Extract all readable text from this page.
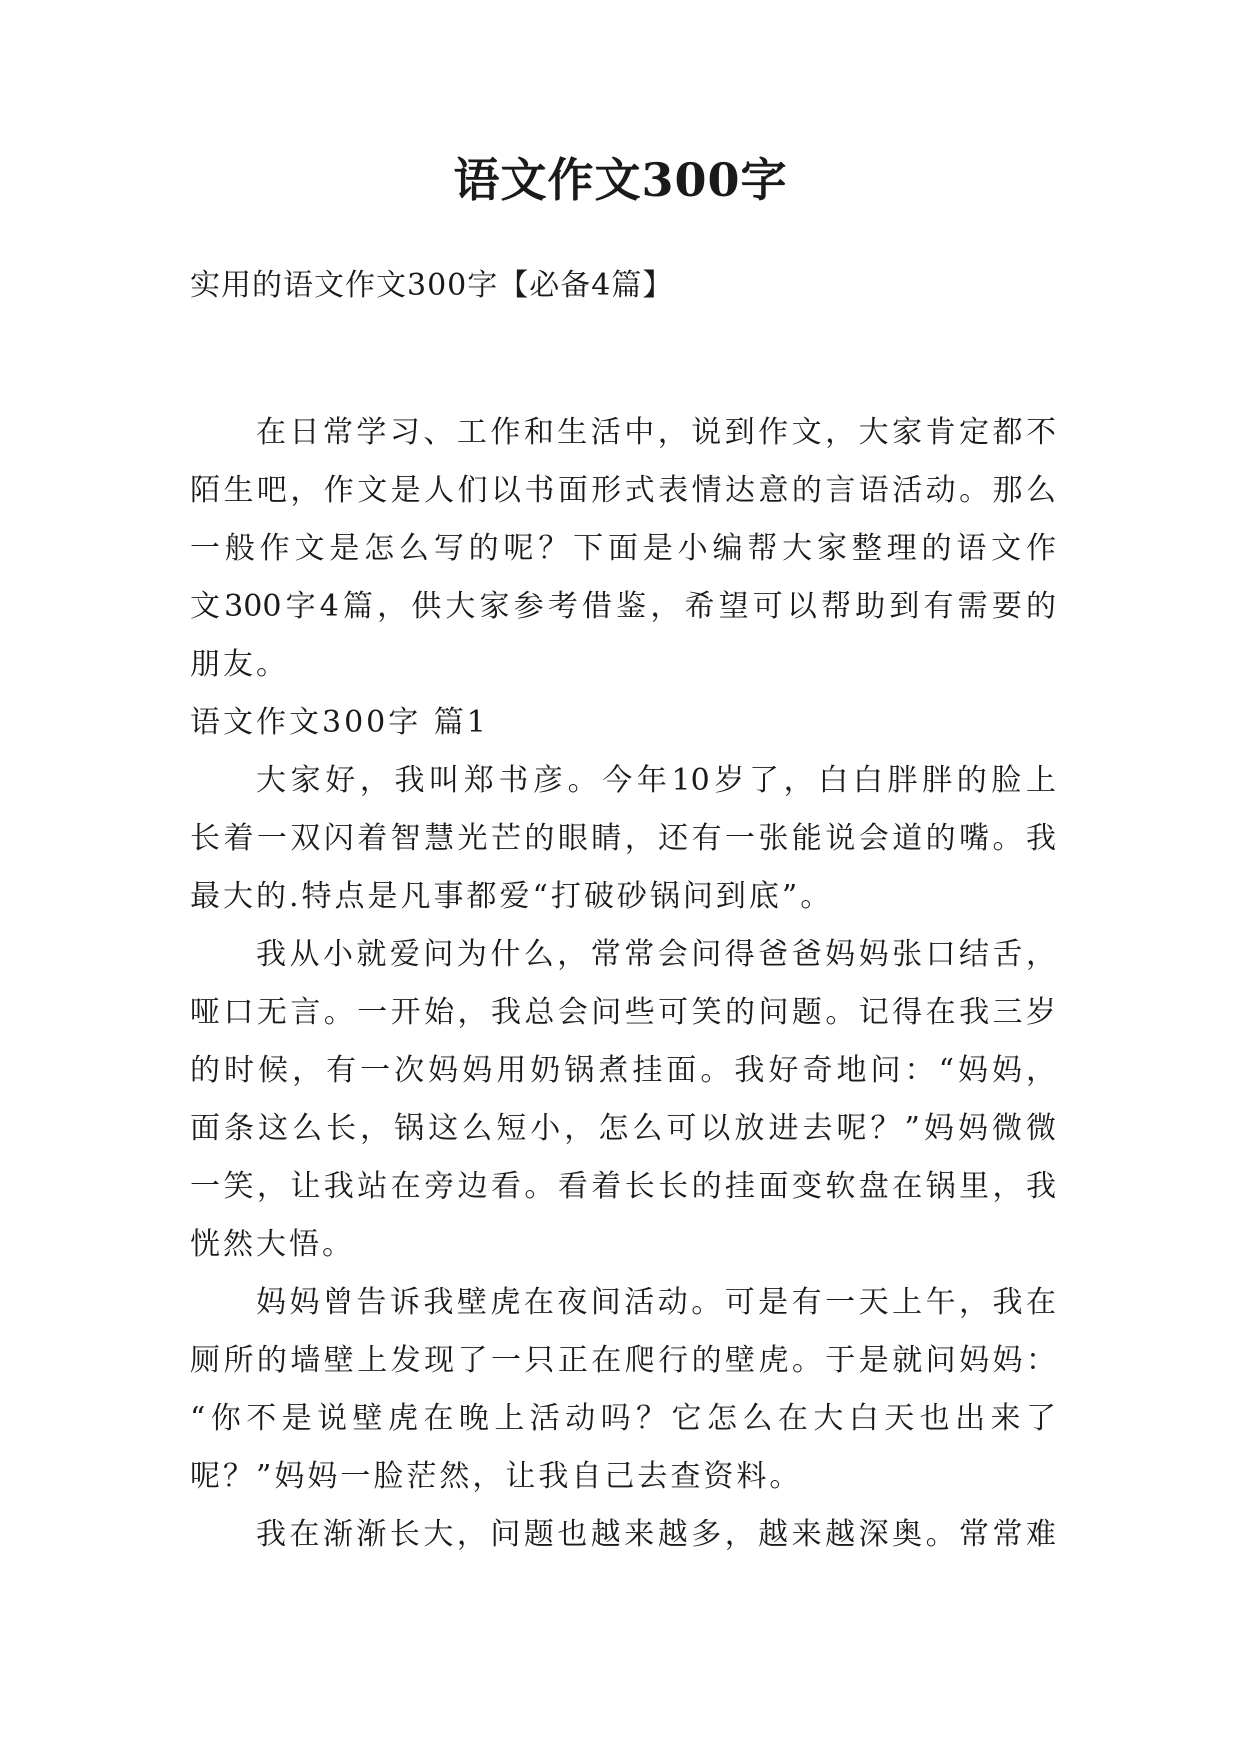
语文作文300字
实用的语文作文300字【必备4篇】
在日常学习、工作和生活中，说到作文，大家肯定都不
陌生吧，作文是人们以书面形式表情达意的言语活动。那么
一般作文是怎么写的呢？下面是小编帮大家整理的语文作
文300字4篇，供大家参考借鉴，希望可以帮助到有需要的
朋友。
语文作文300字 篇1
大家好，我叫郑书彦。今年10岁了，白白胖胖的脸上
长着一双闪着智慧光芒的眼睛，还有一张能说会道的嘴。我
最大的.特点是凡事都爱“打破砂锅问到底”。
我从小就爱问为什么，常常会问得爸爸妈妈张口结舌，
哑口无言。一开始，我总会问些可笑的问题。记得在我三岁
的时候，有一次妈妈用奶锅煮挂面。我好奇地问：“妈妈，
面条这么长，锅这么短小，怎么可以放进去呢？”妈妈微微
一笑，让我站在旁边看。看着长长的挂面变软盘在锅里，我
恍然大悟。
妈妈曾告诉我壁虎在夜间活动。可是有一天上午，我在
厕所的墙壁上发现了一只正在爬行的壁虎。于是就问妈妈：
“你不是说壁虎在晚上活动吗？它怎么在大白天也出来了
呢？”妈妈一脸茫然，让我自己去查资料。
我在渐渐长大，问题也越来越多，越来越深奥。常常难
